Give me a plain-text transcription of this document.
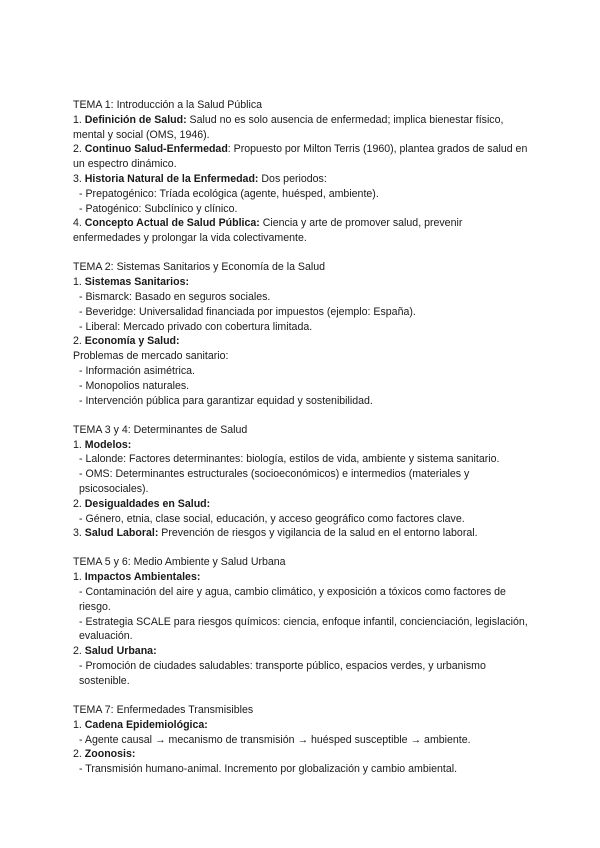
TEMA 1: Introducción a la Salud Pública
1. Definición de Salud: Salud no es solo ausencia de enfermedad; implica bienestar físico, mental y social (OMS, 1946).
2. Continuo Salud-Enfermedad: Propuesto por Milton Terris (1960), plantea grados de salud en un espectro dinámico.
3. Historia Natural de la Enfermedad: Dos periodos:
- Prepatogénico: Tríada ecológica (agente, huésped, ambiente).
- Patogénico: Subclínico y clínico.
4. Concepto Actual de Salud Pública: Ciencia y arte de promover salud, prevenir enfermedades y prolongar la vida colectivamente.
TEMA 2: Sistemas Sanitarios y Economía de la Salud
1. Sistemas Sanitarios:
- Bismarck: Basado en seguros sociales.
- Beveridge: Universalidad financiada por impuestos (ejemplo: España).
- Liberal: Mercado privado con cobertura limitada.
2. Economía y Salud:
Problemas de mercado sanitario:
- Información asimétrica.
- Monopolios naturales.
- Intervención pública para garantizar equidad y sostenibilidad.
TEMA 3 y 4: Determinantes de Salud
1. Modelos:
- Lalonde: Factores determinantes: biología, estilos de vida, ambiente y sistema sanitario.
- OMS: Determinantes estructurales (socioeconómicos) e intermedios (materiales y psicosociales).
2. Desigualdades en Salud:
- Género, etnia, clase social, educación, y acceso geográfico como factores clave.
3. Salud Laboral: Prevención de riesgos y vigilancia de la salud en el entorno laboral.
TEMA 5 y 6: Medio Ambiente y Salud Urbana
1. Impactos Ambientales:
- Contaminación del aire y agua, cambio climático, y exposición a tóxicos como factores de riesgo.
- Estrategia SCALE para riesgos químicos: ciencia, enfoque infantil, concienciación, legislación, evaluación.
2. Salud Urbana:
- Promoción de ciudades saludables: transporte público, espacios verdes, y urbanismo sostenible.
TEMA 7: Enfermedades Transmisibles
1. Cadena Epidemiológica:
- Agente causal → mecanismo de transmisión → huésped susceptible → ambiente.
2. Zoonosis:
- Transmisión humano-animal. Incremento por globalización y cambio ambiental.
